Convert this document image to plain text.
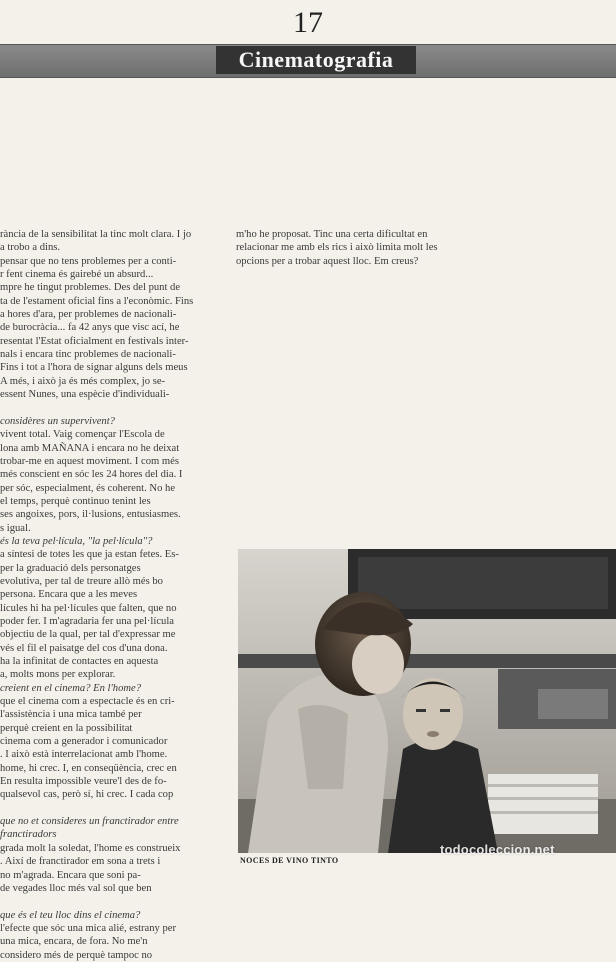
17
Cinematografia

rància de la sensibilitat la tinc molt clara. I jo

a trobo a dins.

pensar que no tens problemes per a conti-

r fent cinema és gairebé un absurd...

mpre he tingut problemes. Des del punt de

ta de l'estament oficial fins a l'econòmic. Fins

a hores d'ara, per problemes de nacionali-

de burocràcia... fa 42 anys que visc ací, he

resentat l'Estat oficialment en festivals inter-

nals i encara tinc problemes de nacionali-

Fins i tot a l'hora de signar alguns dels meus

A més, i això ja és més complex, jo se-

essent Nunes, una espècie d'individuali-

considères un supervivent?

vivent total. Vaig començar l'Escola de

lona amb MAÑANA i encara no he deixat

trobar-me en aquest moviment. I com més

més conscient en sóc les 24 hores del dia. I

per sóc, especialment, és coherent. No he

el temps, perquè continuo tenint les

ses angoixes, pors, il·lusions, entusiasmes.

s igual.

és la teva pel·lícula, "la pel·lícula"?

a síntesi de totes les que ja estan fetes. Es-

per la graduació dels personatges

evolutiva, per tal de treure allò més bo

persona. Encara que a les meves

lícules hi ha pel·lícules que falten, que no

poder fer. I m'agradaria fer una pel·lícula

objectiu de la qual, per tal d'expressar me

vés el fil el paisatge del cos d'una dona.

ha la infinitat de contactes en aquesta

a, molts mons per explorar.

creient en el cinema? En l'home?

que el cinema com a espectacle és en cri-

l'assistència i una mica també per

perquè creient en la possibilitat

cinema com a generador i comunicador

. I això està interrelacionat amb l'home.

home, hi crec. I, en conseqüència, crec en

En resulta impossible veure'l des de fo-

qualsevol cas, però sí, hi crec. I cada cop

que no et consideres un franctirador entre

franctiradors

grada molt la soledat, l'home es construeix

. Així de franctirador em sona a trets i

no m'agrada. Encara que soni pa-

de vegades lloc més val sol que ben

que és el teu lloc dins el cinema?

l'efecte que sóc una mica alié, estrany per

una mica, encara, de fora. No me'n

considero més de perquè tampoc no

m'ho he proposat. Tinc una certa dificultat en

relacionar me amb els rics i això limita molt les

opcions per a trobar aquest lloc. Em creus?

NOCES DE VINO TINTO
todocoleccion.net
